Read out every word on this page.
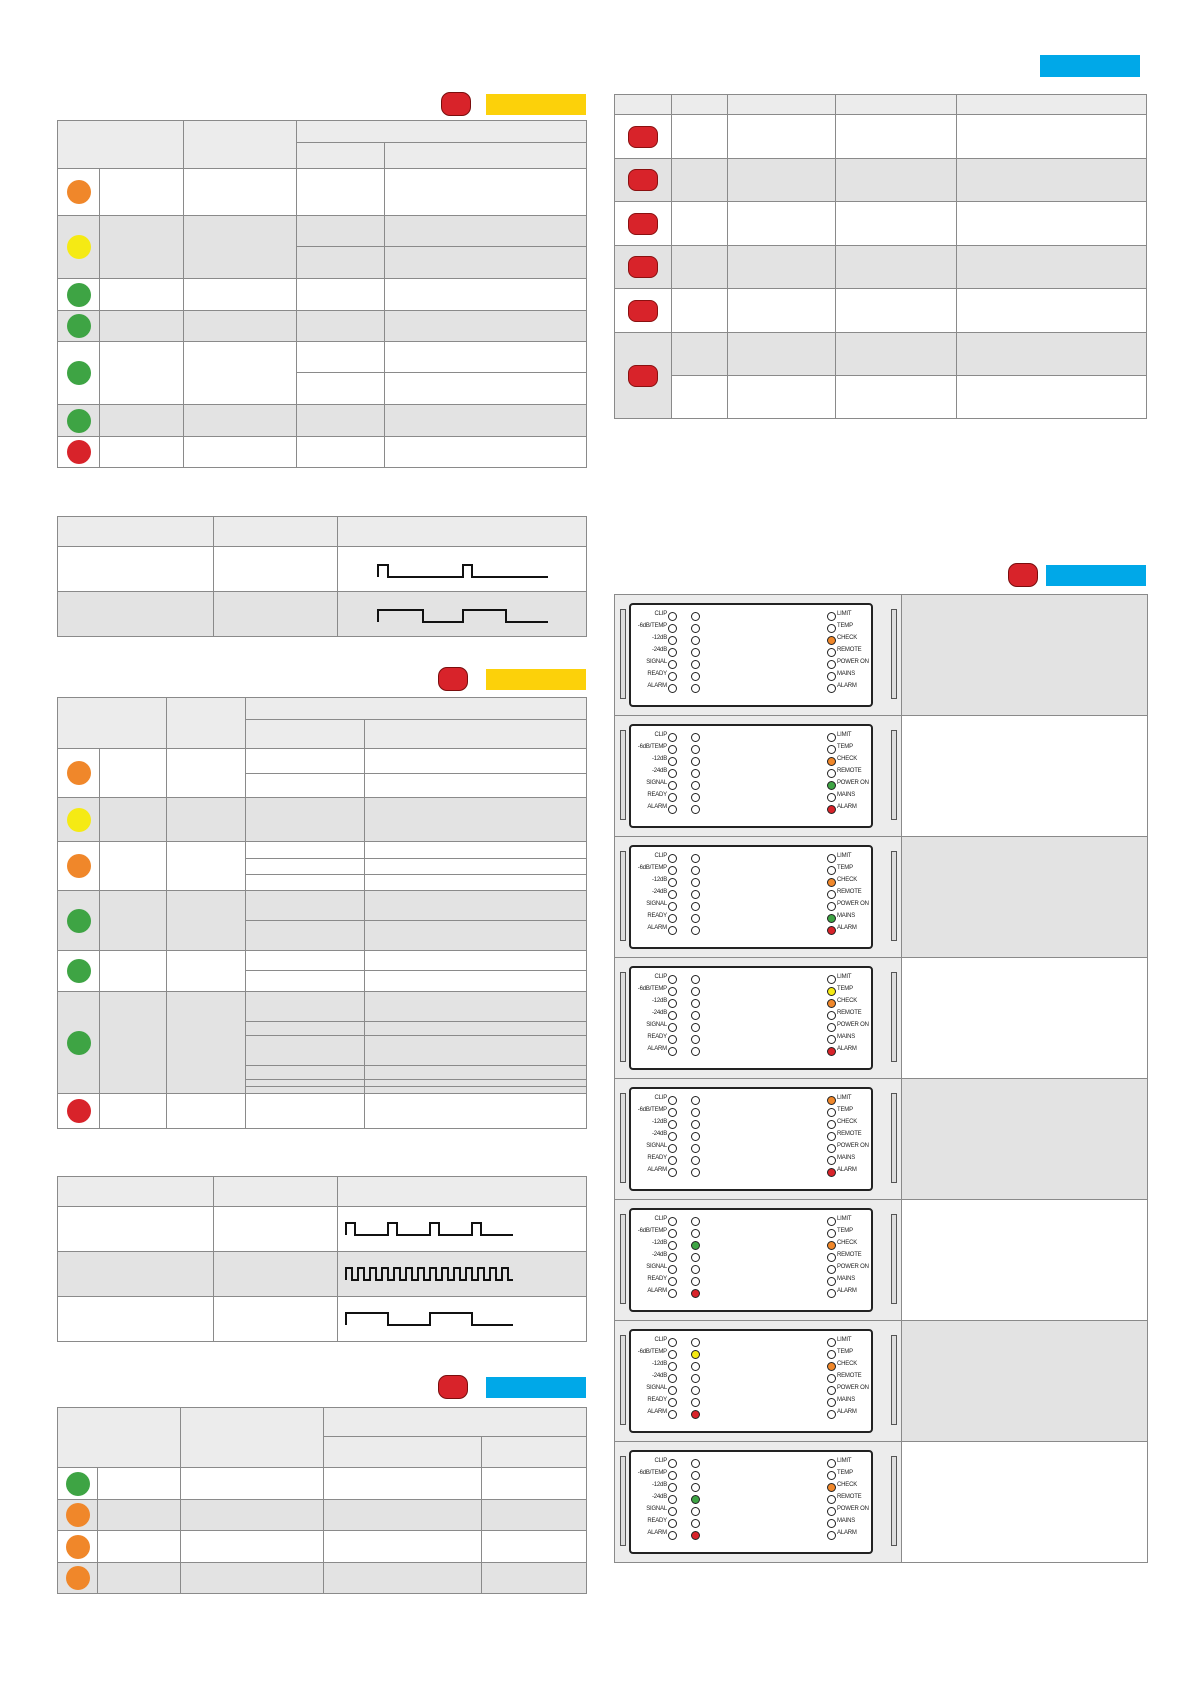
CLIP
-6dB/TEMP
-12dB
-24dB
SIGNAL
READY
ALARM
LIMIT
TEMP
CHECK
REMOTE
POWER ON
MAINS
ALARM
CLIP
-6dB/TEMP
-12dB
-24dB
SIGNAL
READY
ALARM
LIMIT
TEMP
CHECK
REMOTE
POWER ON
MAINS
ALARM
CLIP
-6dB/TEMP
-12dB
-24dB
SIGNAL
READY
ALARM
LIMIT
TEMP
CHECK
REMOTE
POWER ON
MAINS
ALARM
CLIP
-6dB/TEMP
-12dB
-24dB
SIGNAL
READY
ALARM
LIMIT
TEMP
CHECK
REMOTE
POWER ON
MAINS
ALARM
CLIP
-6dB/TEMP
-12dB
-24dB
SIGNAL
READY
ALARM
LIMIT
TEMP
CHECK
REMOTE
POWER ON
MAINS
ALARM
CLIP
-6dB/TEMP
-12dB
-24dB
SIGNAL
READY
ALARM
LIMIT
TEMP
CHECK
REMOTE
POWER ON
MAINS
ALARM
CLIP
-6dB/TEMP
-12dB
-24dB
SIGNAL
READY
ALARM
LIMIT
TEMP
CHECK
REMOTE
POWER ON
MAINS
ALARM
CLIP
-6dB/TEMP
-12dB
-24dB
SIGNAL
READY
ALARM
LIMIT
TEMP
CHECK
REMOTE
POWER ON
MAINS
ALARM
